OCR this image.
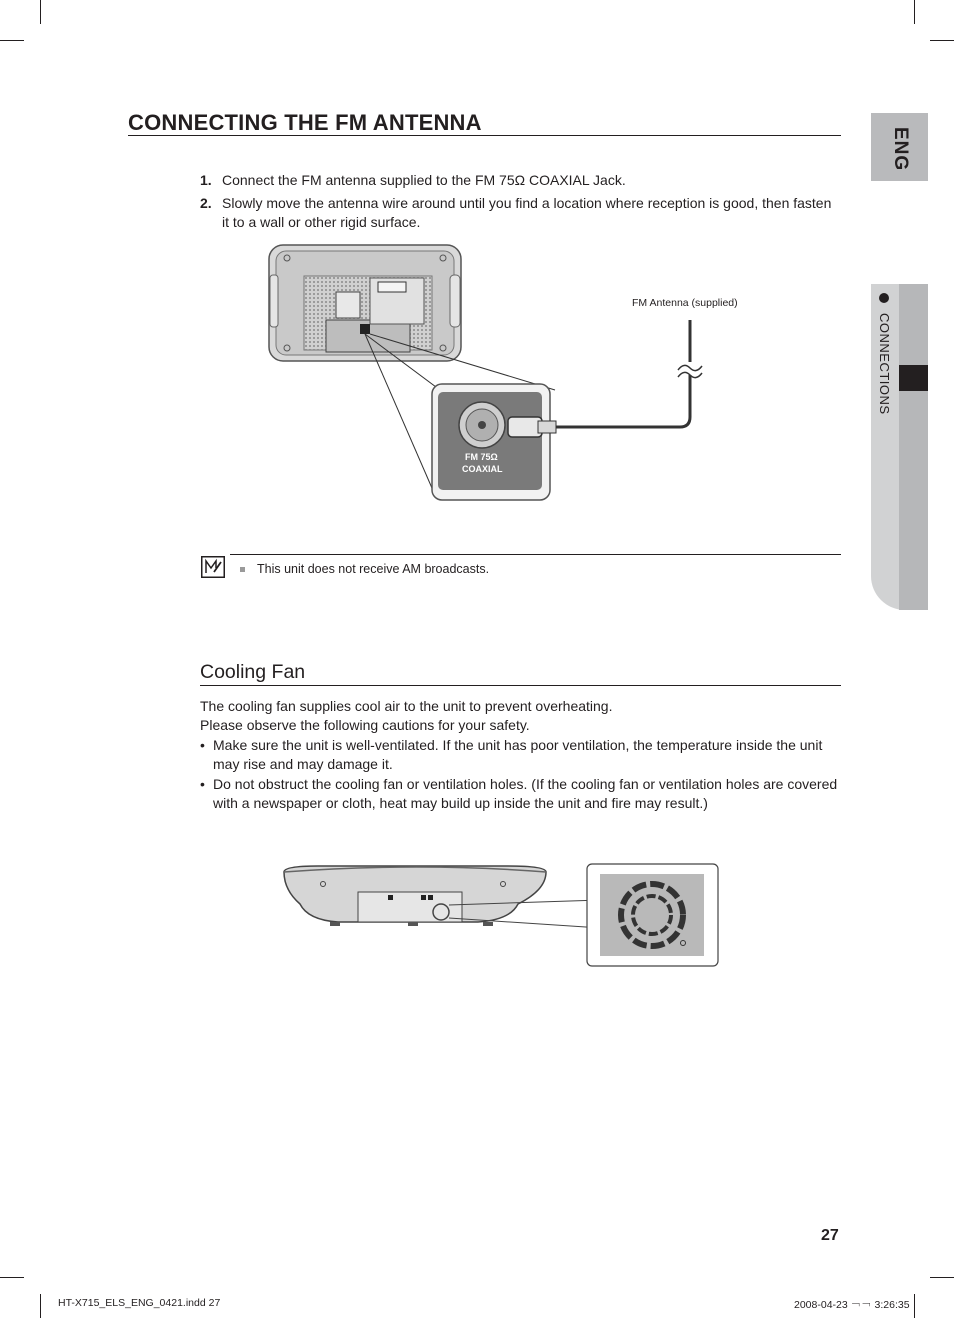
ENG
CONNECTIONS
CONNECTING THE FM ANTENNA
1. Connect the FM antenna supplied to the FM 75Ω COAXIAL Jack.
2. Slowly move the antenna wire around until you find a location where reception is good, then fasten it to a wall or other rigid surface.
FM Antenna (supplied)
FM 75Ω
COAXIAL
This unit does not receive AM broadcasts.
Cooling Fan
The cooling fan supplies cool air to the unit to prevent overheating.
Please observe the following cautions for your safety.
• Make sure the unit is well-ventilated. If the unit has poor ventilation, the temperature inside the unit may rise and may damage it.
• Do not obstruct the cooling fan or ventilation holes. (If the cooling fan or ventilation holes are covered with a newspaper or cloth, heat may build up inside the unit and fire may result.)
27
HT-X715_ELS_ENG_0421.indd 27	2008-04-23 ￢￢ 3:26:35
